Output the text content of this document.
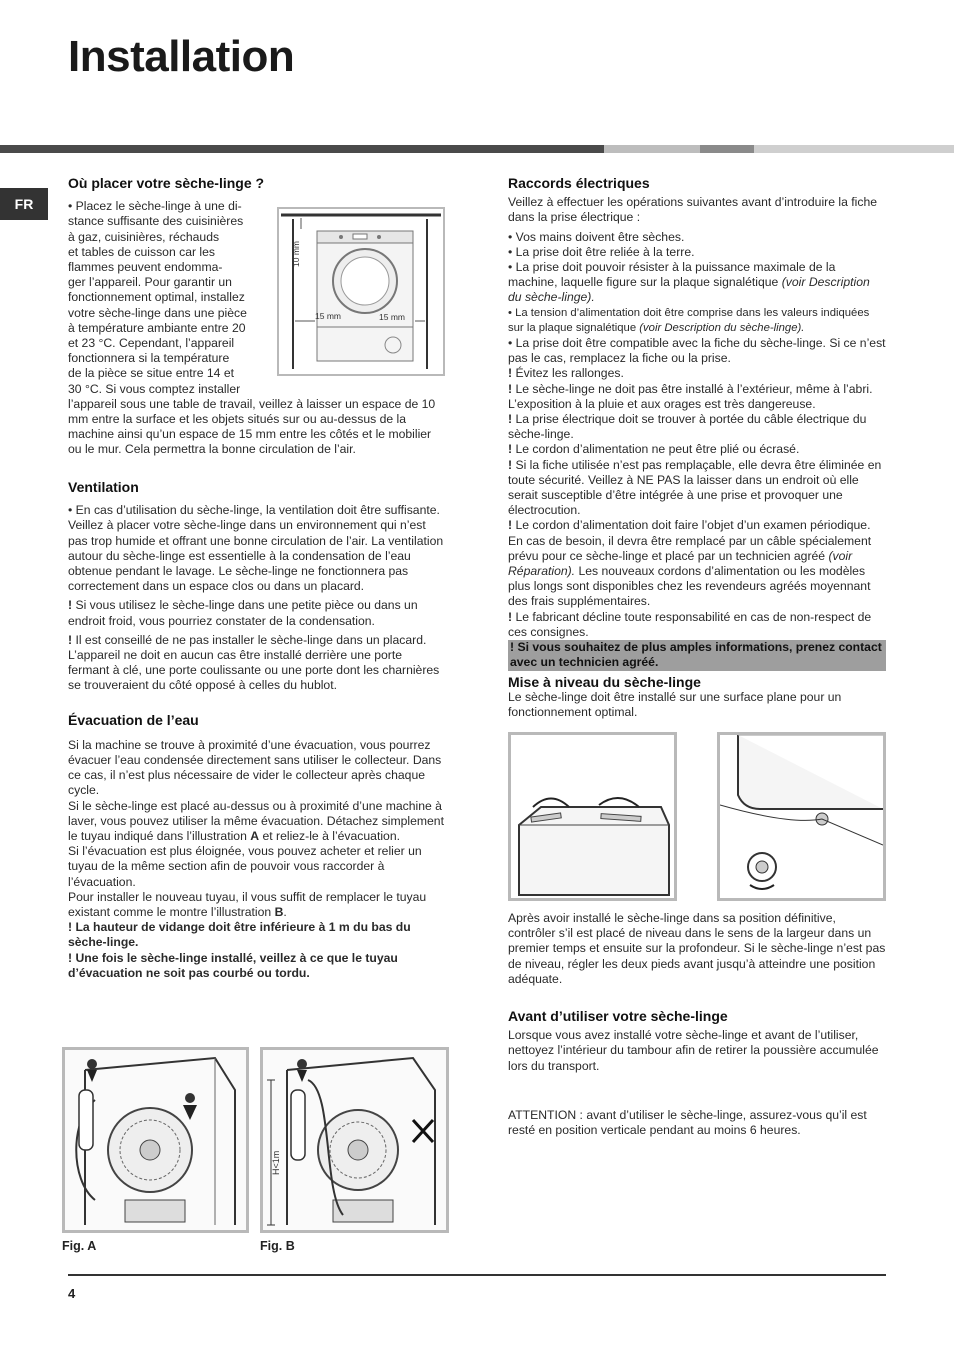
Installation
FR
Où placer votre sèche-linge ?
• Placez le sèche-linge à une di-
stance suffisante des cuisinières
à gaz, cuisinières, réchauds
et tables de cuisson car les
flammes peuvent endomma-
ger l’appareil. Pour garantir un
fonctionnement optimal, installez
votre sèche-linge dans une pièce
à température ambiante entre 20
et 23 °C. Cependant, l’appareil
fonctionnera si la température
de la pièce se situe entre 14 et
30 °C. Si vous comptez installer

l’appareil sous une table de travail, veillez à laisser un espace de 10 mm entre la surface et les objets situés sur ou au-dessus de la machine ainsi qu’un espace de 15 mm entre les côtés et le mobilier ou le mur. Cela permettra la bonne circulation de l’air.

15 mm	15 mm
10 mm
Ventilation

• En cas d’utilisation du sèche-linge, la ventilation doit être suffisante. Veillez à placer votre sèche-linge dans un environnement qui n’est pas trop humide et offrant une bonne circulation de l’air. La ventilation autour du sèche-linge est essentielle à la condensation de l’eau obtenue pendant le lavage. Le sèche-linge ne fonctionnera pas correctement dans un espace clos ou dans un placard.

! Si vous utilisez le sèche-linge dans une petite pièce ou dans un endroit froid, vous pourriez constater de la condensation.

! Il est conseillé de ne pas installer le sèche-linge dans un placard. L’appareil ne doit en aucun cas être installé derrière une porte fermant à clé, une porte coulissante ou une porte dont les charnières se trouveraient du côté opposé à celles du hublot.

Évacuation de l’eau

Si la machine se trouve à proximité d’une évacuation, vous pourrez évacuer l’eau condensée directement sans utiliser le collecteur. Dans ce cas, il n’est plus nécessaire de vider le collecteur après chaque cycle.

Si le sèche-linge est placé au-dessus ou à proximité d’une machine à laver, vous pouvez utiliser la même évacuation. Détachez simplement le tuyau indiqué dans l’illustration A et reliez-le à l’évacuation.

Si l’évacuation est plus éloignée, vous pouvez acheter et relier un tuyau de la même section afin de pouvoir vous raccorder à l’évacuation.

Pour installer le nouveau tuyau, il vous suffit de remplacer le tuyau existant comme le montre l’illustration B.

! La hauteur de vidange doit être inférieure à 1 m du bas du sèche-linge.

! Une fois le sèche-linge installé, veillez à ce que le tuyau d’évacuation ne soit pas courbé ou tordu.

Fig. A
H<1m
Fig. B
Raccords électriques

Veillez à effectuer les opérations suivantes avant d’introduire la fiche dans la prise électrique :

• Vos mains doivent être sèches.

• La prise doit être reliée à la terre.

• La prise doit pouvoir résister à la puissance maximale de la machine, laquelle figure sur la plaque signalétique (voir Description du sèche-linge).

• La tension d’alimentation doit être comprise dans les valeurs indiquées sur la plaque signalétique (voir Description du sèche-linge).

• La prise doit être compatible avec la fiche du sèche-linge. Si ce n’est pas le cas, remplacez la fiche ou la prise.

! Évitez les rallonges.

! Le sèche-linge ne doit pas être installé à l’extérieur, même à l’abri. L’exposition à la pluie et aux orages est très dangereuse.

! La prise électrique doit se trouver à portée du câble électrique du sèche-linge.

! Le cordon d’alimentation ne peut être plié ou écrasé.

! Si la fiche utilisée n’est pas remplaçable, elle devra être éliminée en toute sécurité. Veillez à NE PAS la laisser dans un endroit où elle serait susceptible d’être intégrée à une prise et provoquer une électrocution.

! Le cordon d’alimentation doit faire l’objet d’un examen périodique. En cas de besoin, il devra être remplacé par un câble spécialement prévu pour ce sèche-linge et placé par un technicien agréé (voir Réparation). Les nouveaux cordons d’alimentation ou les modèles plus longs sont disponibles chez les revendeurs agréés moyennant des frais supplémentaires.

! Le fabricant décline toute responsabilité en cas de non-respect de ces consignes.

! Si vous souhaitez de plus amples informations, prenez contact avec un technicien agréé.

Mise à niveau du sèche-linge

Le sèche-linge doit être installé sur une surface plane pour un fonctionnement optimal.

Après avoir installé le sèche-linge dans sa position définitive, contrôler s’il est placé de niveau dans le sens de la largeur dans un premier temps et ensuite sur la profondeur. Si le sèche-linge n’est pas de niveau, régler les deux pieds avant jusqu’à atteindre une position adéquate.

Avant d’utiliser votre sèche-linge

Lorsque vous avez installé votre sèche-linge et avant de l’utiliser, nettoyez l’intérieur du tambour afin de retirer la poussière accumulée lors du transport.

ATTENTION : avant d’utiliser le sèche-linge, assurez-vous qu’il est resté en position verticale pendant au moins 6 heures.

4
